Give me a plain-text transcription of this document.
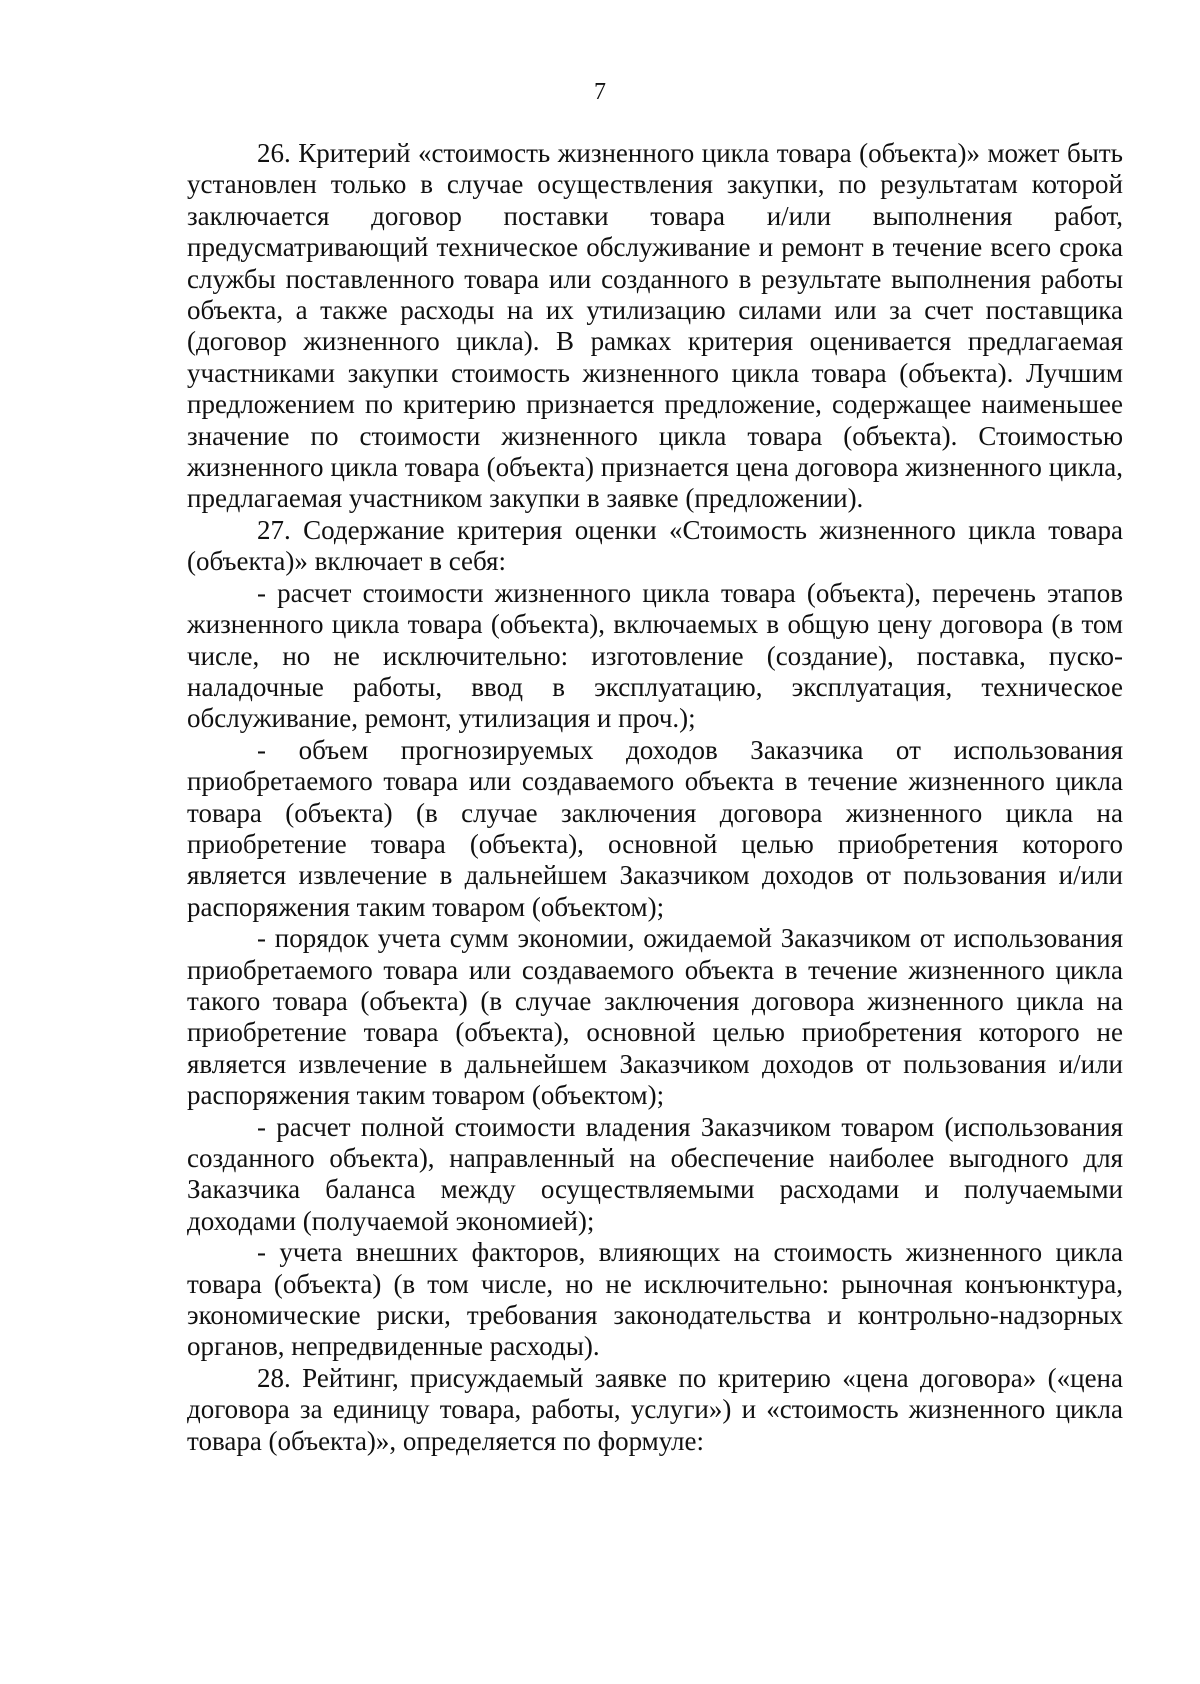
7

26. Критерий «стоимость жизненного цикла товара (объекта)» может быть установлен только в случае осуществления закупки, по результатам которой заключается договор поставки товара и/или выполнения работ, предусматривающий техническое обслуживание и ремонт в течение всего срока службы поставленного товара или созданного в результате выполнения работы объекта, а также расходы на их утилизацию силами или за счет поставщика (договор жизненного цикла). В рамках критерия оценивается предлагаемая участниками закупки стоимость жизненного цикла товара (объекта). Лучшим предложением по критерию признается предложение, содержащее наименьшее значение по стоимости жизненного цикла товара (объекта). Стоимостью жизненного цикла товара (объекта) признается цена договора жизненного цикла, предлагаемая участником закупки в заявке (предложении).

27. Содержание критерия оценки «Стоимость жизненного цикла товара (объекта)» включает в себя:

- расчет стоимости жизненного цикла товара (объекта), перечень этапов жизненного цикла товара (объекта), включаемых в общую цену договора (в том числе, но не исключительно: изготовление (создание), поставка, пуско-наладочные работы, ввод в эксплуатацию, эксплуатация, техническое обслуживание, ремонт, утилизация и проч.);

- объем прогнозируемых доходов Заказчика от использования приобретаемого товара или создаваемого объекта в течение жизненного цикла товара (объекта) (в случае заключения договора жизненного цикла на приобретение товара (объекта), основной целью приобретения которого является извлечение в дальнейшем Заказчиком доходов от пользования и/или распоряжения таким товаром (объектом);

- порядок учета сумм экономии, ожидаемой Заказчиком от использования приобретаемого товара или создаваемого объекта в течение жизненного цикла такого товара (объекта) (в случае заключения договора жизненного цикла на приобретение товара (объекта), основной целью приобретения которого не является извлечение в дальнейшем Заказчиком доходов от пользования и/или распоряжения таким товаром (объектом);

- расчет полной стоимости владения Заказчиком товаром (использования созданного объекта), направленный на обеспечение наиболее выгодного для Заказчика баланса между осуществляемыми расходами и получаемыми доходами (получаемой экономией);

- учета внешних факторов, влияющих на стоимость жизненного цикла товара (объекта) (в том числе, но не исключительно: рыночная конъюнктура, экономические риски, требования законодательства и контрольно-надзорных органов, непредвиденные расходы).

28. Рейтинг, присуждаемый заявке по критерию «цена договора» («цена договора за единицу товара, работы, услуги») и «стоимость жизненного цикла товара (объекта)», определяется по формуле:
